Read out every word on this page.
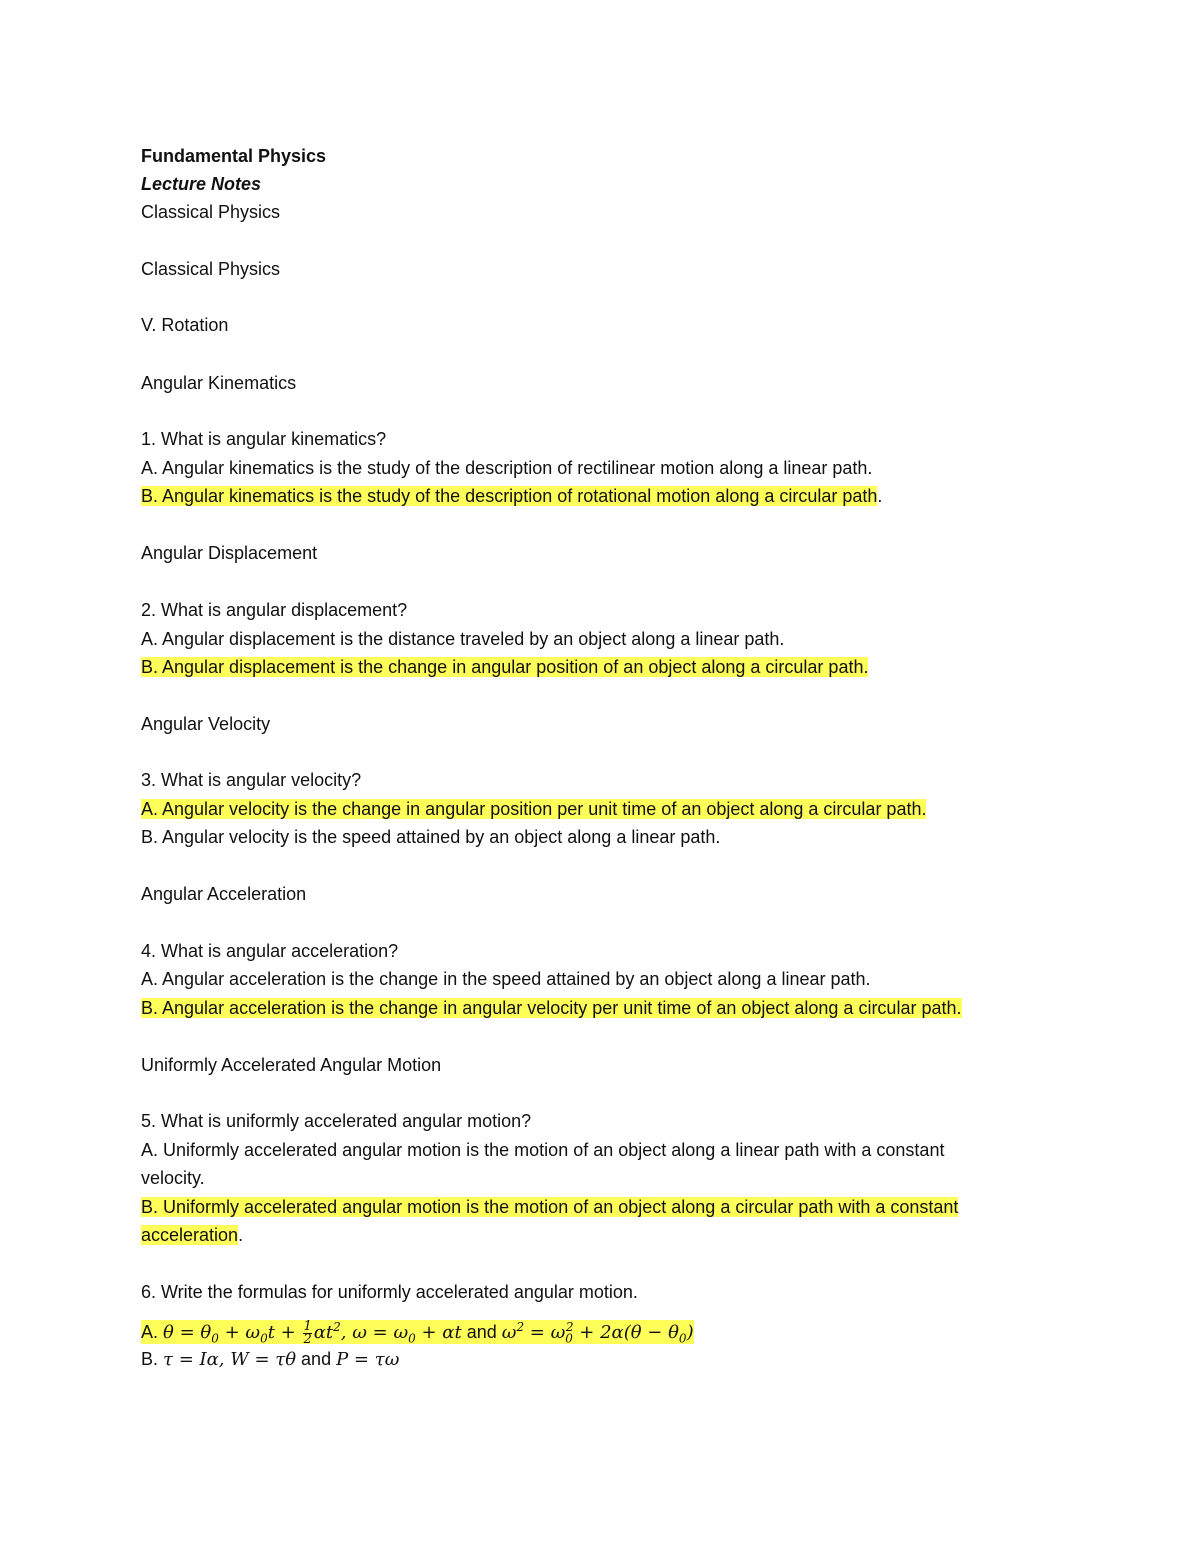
Fundamental Physics
Lecture Notes
Classical Physics
Classical Physics
V. Rotation
Angular Kinematics
1. What is angular kinematics?
A. Angular kinematics is the study of the description of rectilinear motion along a linear path.
B. Angular kinematics is the study of the description of rotational motion along a circular path.
Angular Displacement
2. What is angular displacement?
A. Angular displacement is the distance traveled by an object along a linear path.
B. Angular displacement is the change in angular position of an object along a circular path.
Angular Velocity
3. What is angular velocity?
A. Angular velocity is the change in angular position per unit time of an object along a circular path.
B. Angular velocity is the speed attained by an object along a linear path.
Angular Acceleration
4. What is angular acceleration?
A. Angular acceleration is the change in the speed attained by an object along a linear path.
B. Angular acceleration is the change in angular velocity per unit time of an object along a circular path.
Uniformly Accelerated Angular Motion
5. What is uniformly accelerated angular motion?
A. Uniformly accelerated angular motion is the motion of an object along a linear path with a constant
velocity.
B. Uniformly accelerated angular motion is the motion of an object along a circular path with a constant
acceleration.
6. Write the formulas for uniformly accelerated angular motion.
A. $\theta = \theta_0 + \omega_0t + \frac{1}{2} \alpha t^2$, $\omega = \omega_0 + \alpha t$ and $\omega^2 = \omega_0^2 + 2\alpha(\theta - \theta_0)$
B. τ = Iα, W = τθ and P = τω
